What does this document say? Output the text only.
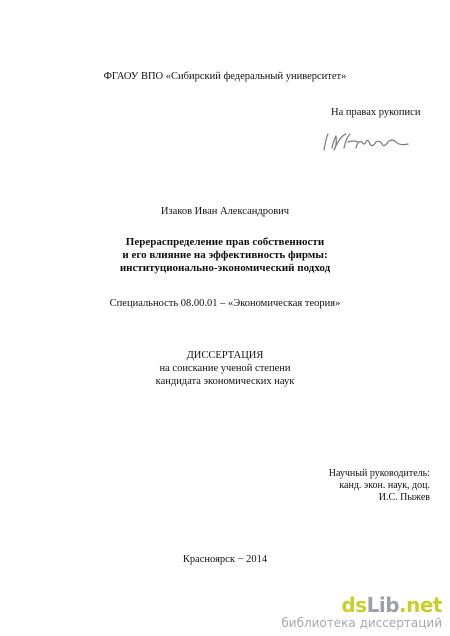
ФГАОУ ВПО «Сибирский федеральный университет»
На правах рукописи
Изаков Иван Александрович
Перераспределение прав собственности
и его влияние на эффективность фирмы:
институционально-экономический подход
Специальность 08.00.01 – «Экономическая теория»
ДИССЕРТАЦИЯ
на соискание ученой степени
кандидата экономических наук
Научный руководитель:
канд. экон. наук, доц.
И.С. Пыжев
Красноярск − 2014
dsLib.net
библиотека диссертаций
